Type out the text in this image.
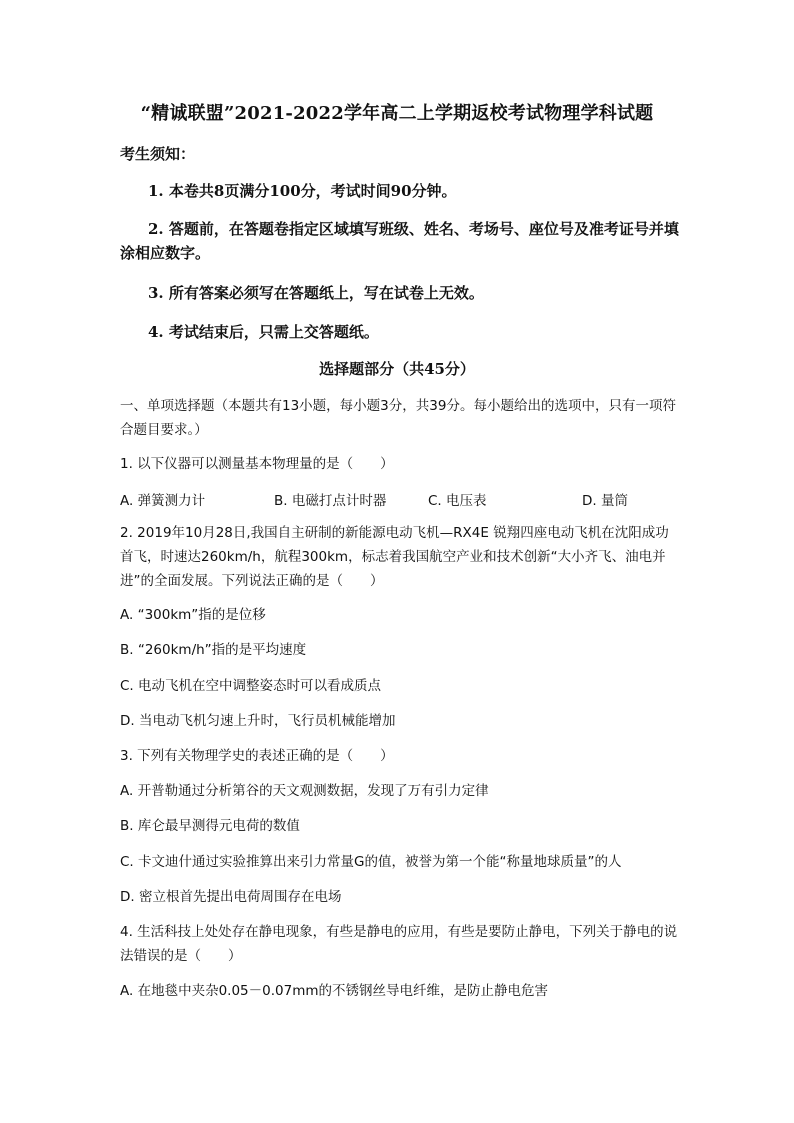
“精诚联盟”2021-2022学年高二上学期返校考试物理学科试题
考生须知：
1. 本卷共8页满分100分，考试时间90分钟。
2. 答题前，在答题卷指定区域填写班级、姓名、考场号、座位号及准考证号并填涂相应数字。
3. 所有答案必须写在答题纸上，写在试卷上无效。
4. 考试结束后，只需上交答题纸。
选择题部分（共45分）
一、单项选择题（本题共有13小题，每小题3分，共39分。每小题给出的选项中，只有一项符合题目要求。）
1. 以下仪器可以测量基本物理量的是（　　）
A. 弹簧测力计	B. 电磁打点计时器	C. 电压表	D. 量筒
2. 2019年10月28日,我国自主研制的新能源电动飞机—RX4E 锐翔四座电动飞机在沈阳成功首飞，时速达260km/h，航程300km，标志着我国航空产业和技术创新“大小齐飞、油电并进”的全面发展。下列说法正确的是（　　）
A. “300km”指的是位移
B. “260km/h”指的是平均速度
C. 电动飞机在空中调整姿态时可以看成质点
D. 当电动飞机匀速上升时，飞行员机械能增加
3. 下列有关物理学史的表述正确的是（　　）
A. 开普勒通过分析第谷的天文观测数据，发现了万有引力定律
B. 库仑最早测得元电荷的数值
C. 卡文迪什通过实验推算出来引力常量G的值，被誉为第一个能“称量地球质量”的人
D. 密立根首先提出电荷周围存在电场
4. 生活科技上处处存在静电现象，有些是静电的应用，有些是要防止静电，下列关于静电的说法错误的是（　　）
A. 在地毯中夹杂0.05－0.07mm的不锈钢丝导电纤维，是防止静电危害
